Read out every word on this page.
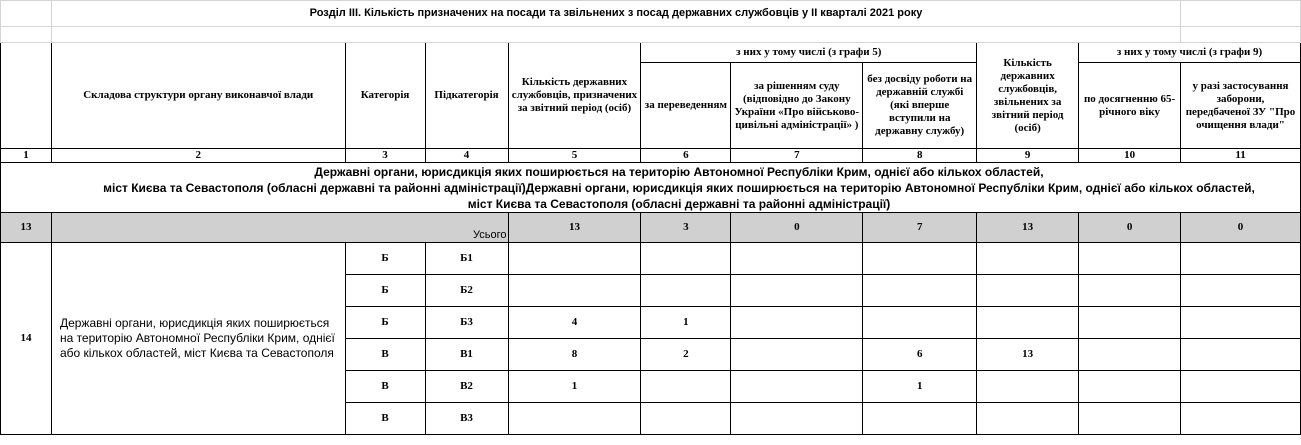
	Розділ ІІІ. Кількість призначених на посади та звільнених з посад державних службовців у ІІ кварталі 2021 року									

	Складова структури органу виконавчої влади	Категорія	Підкатегорія	Кількість державних службовців, призначених за звітний період (осіб)	з них у тому числі (з графи 5)			Кількість державних службовців, звільнених за звітний період (осіб)	з них у тому числі (з графи 9)	
					за переведенням	за рішенням суду (відповідно до Закону України «Про військово-цивільні адміністрації» )	без досвіду роботи на державній службі (які вперше вступили на державну службу)		по досягненню 65-річного віку	у разі застосування заборони, передбаченої ЗУ "Про очищення влади"
1	2	3	4	5	6	7	8	9	10	11

Державні органи, юрисдикція яких поширюється на територію Автономної Республіки Крим, однієї або кількох областей,
міст Києва та Севастополя (обласні державні та районні адміністрації)Державні органи, юрисдикція яких поширюється на територію Автономної Республіки Крим, однієї або кількох областей,
міст Києва та Севастополя (обласні державні та районні адміністрації)										

13	Усього			13	3	0	7	13	0	0
14	Державні органи, юрисдикція яких поширюється на територію Автономної Республіки Крим, однієї або кількох областей, міст Києва та Севастополя	Б	Б1							
		Б	Б2							
		Б	Б3	4	1					
		В	В1	8	2		6	13		
		В	В2	1			1			
		В	В3							
